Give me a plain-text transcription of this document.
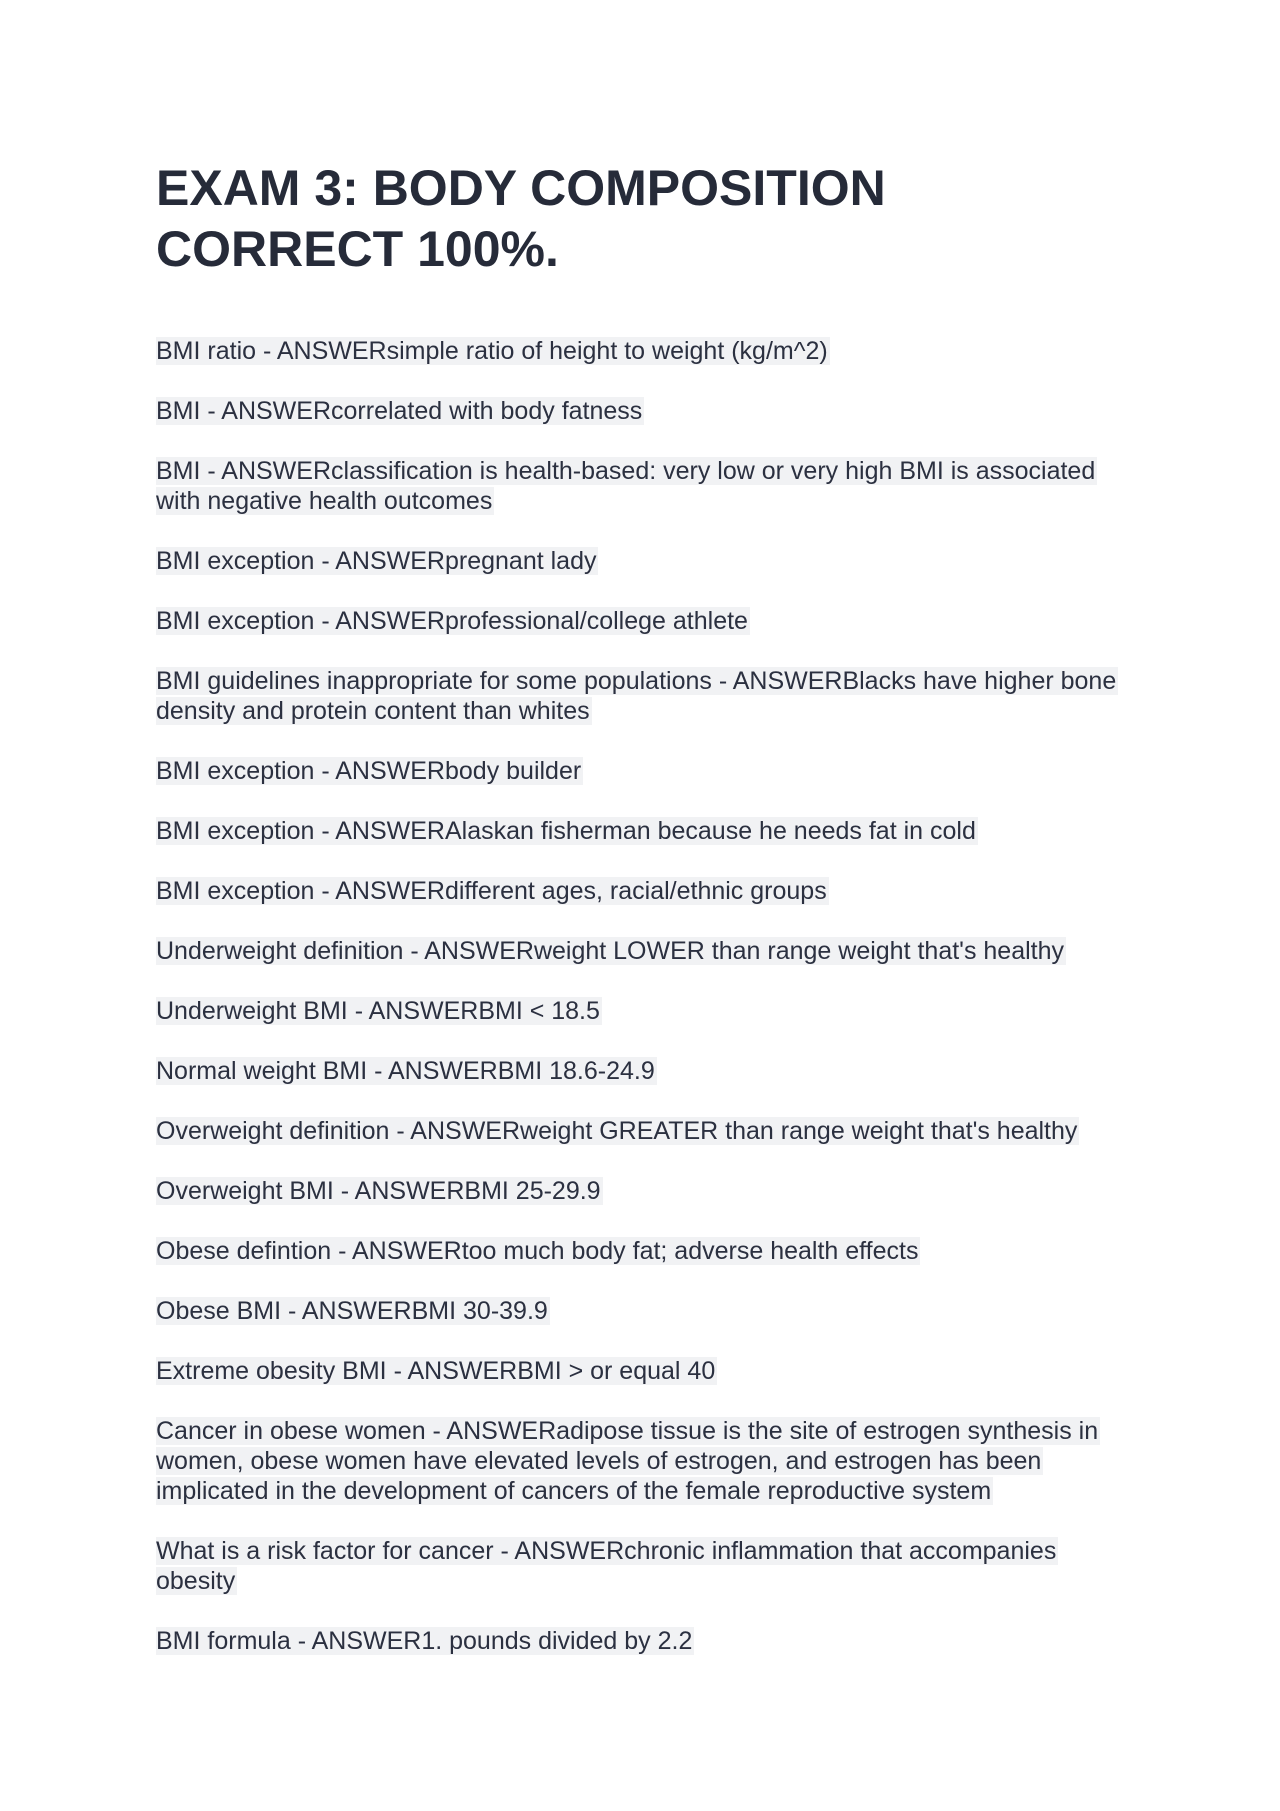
EXAM 3: BODY COMPOSITION
CORRECT 100%.

BMI ratio - ANSWERsimple ratio of height to weight (kg/m^2)

BMI - ANSWERcorrelated with body fatness

BMI - ANSWERclassification is health-based: very low or very high BMI is associated with negative health outcomes

BMI exception - ANSWERpregnant lady

BMI exception - ANSWERprofessional/college athlete

BMI guidelines inappropriate for some populations - ANSWERBlacks have higher bone density and protein content than whites

BMI exception - ANSWERbody builder

BMI exception - ANSWERAlaskan fisherman because he needs fat in cold

BMI exception - ANSWERdifferent ages, racial/ethnic groups

Underweight definition - ANSWERweight LOWER than range weight that's healthy

Underweight BMI - ANSWERBMI < 18.5

Normal weight BMI - ANSWERBMI 18.6-24.9

Overweight definition - ANSWERweight GREATER than range weight that's healthy

Overweight BMI - ANSWERBMI 25-29.9

Obese defintion - ANSWERtoo much body fat; adverse health effects

Obese BMI - ANSWERBMI 30-39.9

Extreme obesity BMI - ANSWERBMI > or equal 40

Cancer in obese women - ANSWERadipose tissue is the site of estrogen synthesis in women, obese women have elevated levels of estrogen, and estrogen has been implicated in the development of cancers of the female reproductive system

What is a risk factor for cancer - ANSWERchronic inflammation that accompanies obesity

BMI formula - ANSWER1. pounds divided by 2.2
